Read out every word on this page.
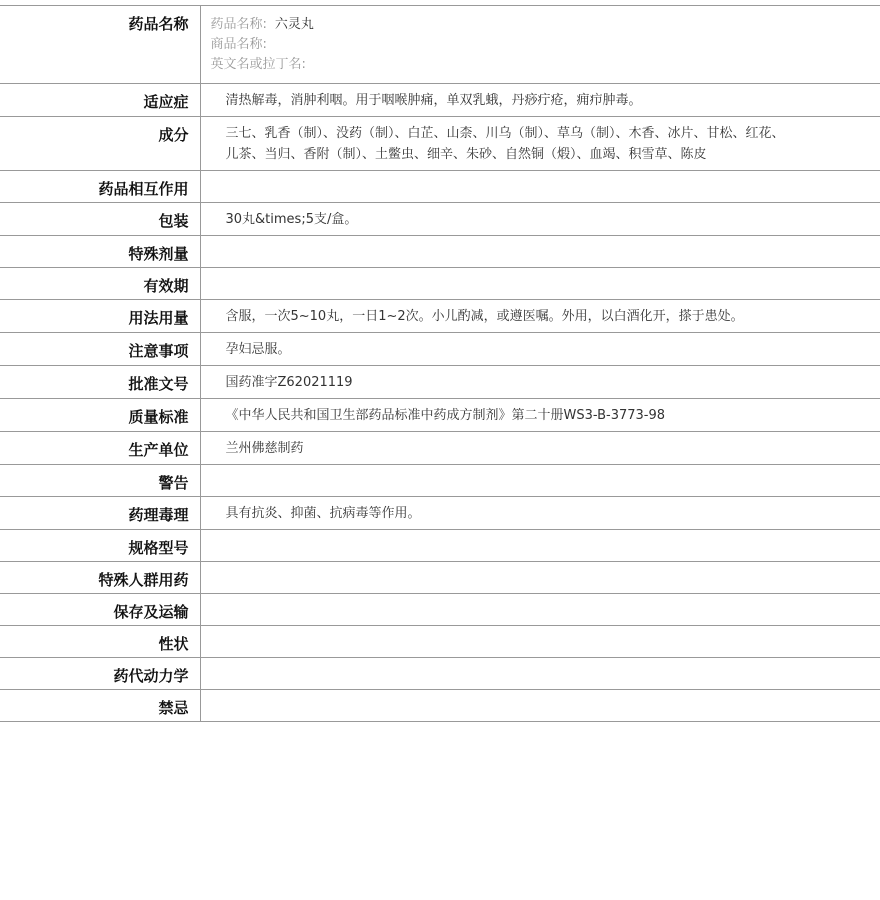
药品名称	药品名称: 六灵丸
商品名称:
英文名或拉丁名:

适应症	清热解毒，消肿利咽。用于咽喉肿痛，单双乳蛾，丹痧疔疮，痈疖肿毒。
成分	三七、乳香（制）、没药（制）、白芷、山柰、川乌（制）、草乌（制）、木香、冰片、甘松、红花、儿茶、当归、香附（制）、土鳖虫、细辛、朱砂、自然铜（煅）、血竭、积雪草、陈皮
药品相互作用	
包装	30丸&times;5支/盒。
特殊剂量	
有效期	
用法用量	含服，一次5~10丸，一日1~2次。小儿酌减，或遵医嘱。外用，以白酒化开，搽于患处。
注意事项	孕妇忌服。
批准文号	国药准字Z62021119
质量标准	《中华人民共和国卫生部药品标准中药成方制剂》第二十册WS3-B-3773-98
生产单位	兰州佛慈制药
警告	
药理毒理	具有抗炎、抑菌、抗病毒等作用。
规格型号	
特殊人群用药	
保存及运输	
性状	
药代动力学	
禁忌	
